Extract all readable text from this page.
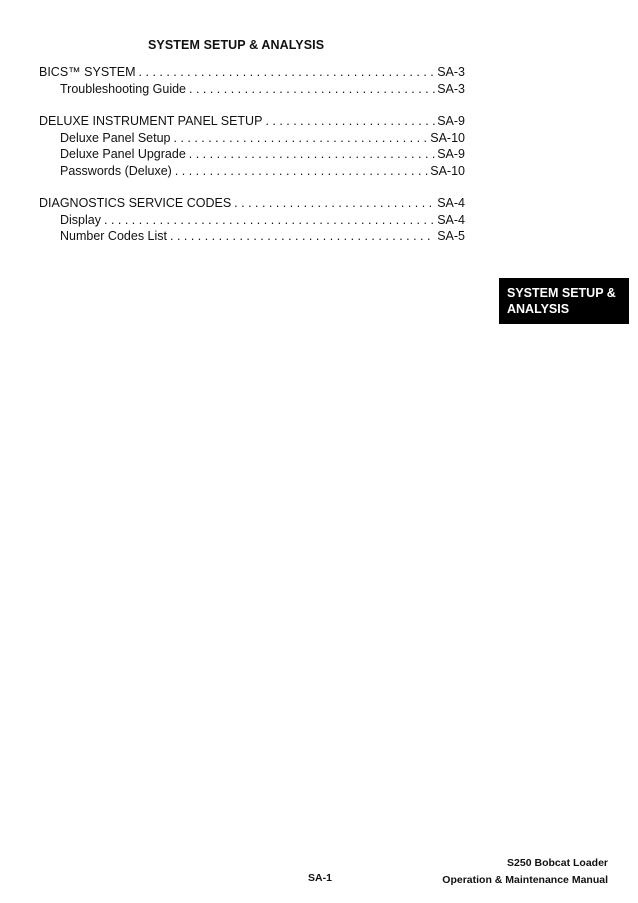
SYSTEM SETUP & ANALYSIS
BICS™ SYSTEM . . .	SA-3
Troubleshooting Guide . . .	SA-3
DELUXE INSTRUMENT PANEL SETUP . . .	SA-9
Deluxe Panel Setup . . .	SA-10
Deluxe Panel Upgrade . . .	SA-9
Passwords (Deluxe) . . .	SA-10
DIAGNOSTICS SERVICE CODES . . .	SA-4
Display . . .	SA-4
Number Codes List . . .	SA-5
SYSTEM SETUP &
ANALYSIS
S250 Bobcat Loader
Operation & Maintenance Manual
SA-1
